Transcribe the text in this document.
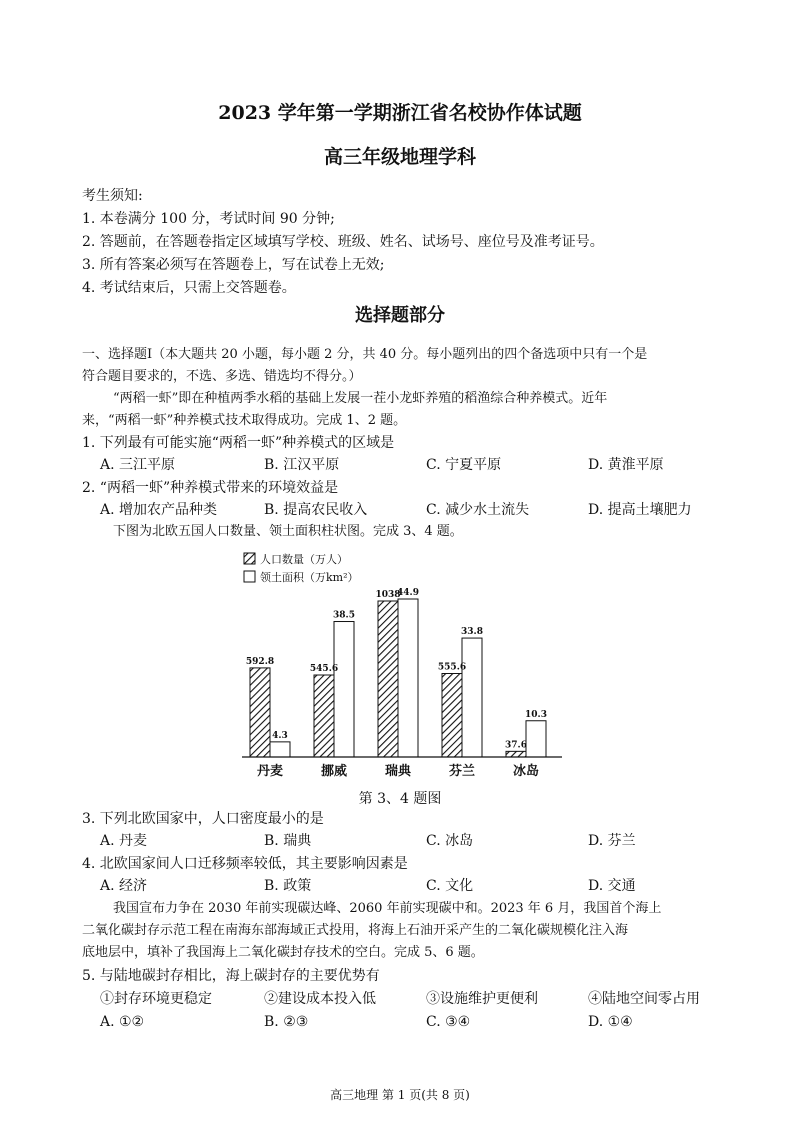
2023 学年第一学期浙江省名校协作体试题
高三年级地理学科
考生须知:
1. 本卷满分 100 分，考试时间 90 分钟;
2. 答题前，在答题卷指定区域填写学校、班级、姓名、试场号、座位号及准考证号。
3. 所有答案必须写在答题卷上，写在试卷上无效;
4. 考试结束后，只需上交答题卷。
选择题部分
一、选择题Ⅰ（本大题共 20 小题，每小题 2 分，共 40 分。每小题列出的四个备选项中只有一个是
符合题目要求的，不选、多选、错选均不得分。）
“两稻一虾”即在种植两季水稻的基础上发展一茬小龙虾养殖的稻渔综合种养模式。近年
来，“两稻一虾”种养模式技术取得成功。完成 1、2 题。
1. 下列最有可能实施“两稻一虾”种养模式的区域是
A. 三江平原	B. 江汉平原	C. 宁夏平原	D. 黄淮平原
2. “两稻一虾”种养模式带来的环境效益是
A. 增加农产品种类	B. 提高农民收入	C. 减少水土流失	D. 提高土壤肥力
下图为北欧五国人口数量、领土面积柱状图。完成 3、4 题。
人口数量（万人）
领土面积（万km²）
592.8
4.3
丹麦
545.6
38.5
挪威
1038
44.9
瑞典
555.6
33.8
芬兰
37.6
10.3
冰岛
第 3、4 题图
3. 下列北欧国家中，人口密度最小的是
A. 丹麦	B. 瑞典	C. 冰岛	D. 芬兰
4. 北欧国家间人口迁移频率较低，其主要影响因素是
A. 经济	B. 政策	C. 文化	D. 交通
我国宣布力争在 2030 年前实现碳达峰、2060 年前实现碳中和。2023 年 6 月，我国首个海上
二氧化碳封存示范工程在南海东部海域正式投用，将海上石油开采产生的二氧化碳规模化注入海
底地层中，填补了我国海上二氧化碳封存技术的空白。完成 5、6 题。
5. 与陆地碳封存相比，海上碳封存的主要优势有
①封存环境更稳定	②建设成本投入低	③设施维护更便利	④陆地空间零占用
A. ①②	B. ②③	C. ③④	D. ①④
高三地理 第 1 页(共 8 页)
